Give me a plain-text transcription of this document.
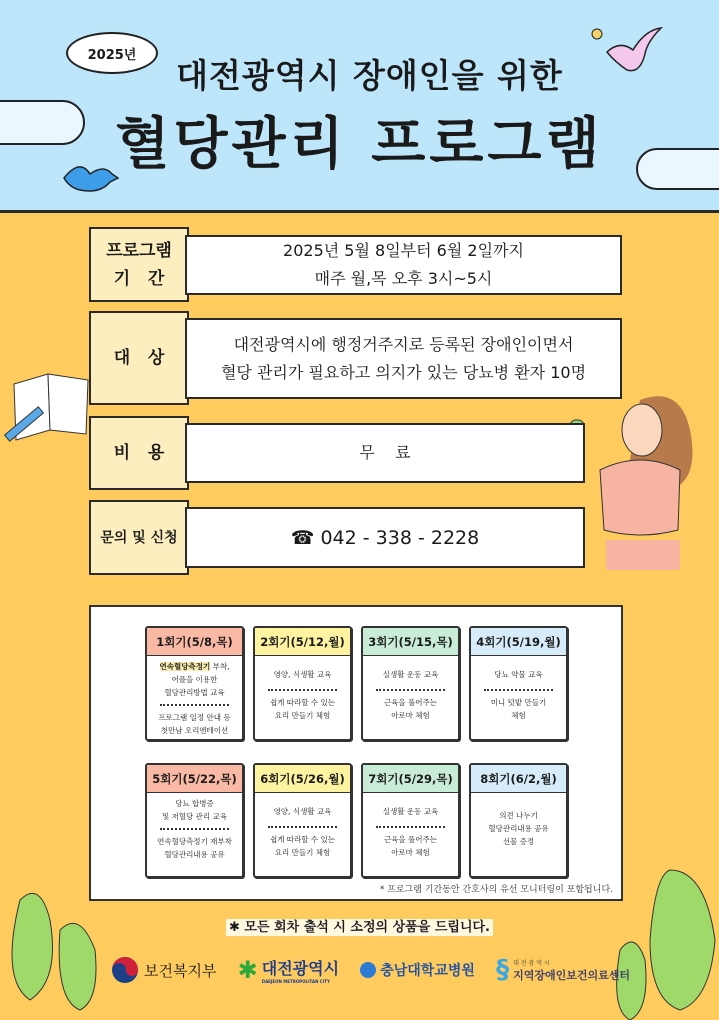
2025년
대전광역시 장애인을 위한
혈당관리 프로그램
프로그램
기   간
2025년 5월 8일부터 6월 2일까지
매주 월,목 오후 3시~5시
대   상
대전광역시에 행정거주지로 등록된 장애인이면서
혈당 관리가 필요하고 의지가 있는 당뇨병 환자 10명
비   용	무    료
문의 및 신청	☎ 042 - 338 - 2228
1회기(5/8,목)
연속혈당측정기 부착,
어플을 이용한
혈당관리방법 교육
프로그램 일정 안내 등
첫만남 오리엔테이션
2회기(5/12,월)
영양, 식생활 교육
쉽게 따라할 수 있는
요리 만들기 체험
3회기(5/15,목)
실생활 운동 교육
근육을 풀어주는
아로마 체험
4회기(5/19,월)
당뇨 약물 교육
미니 텃밭 만들기
체험
5회기(5/22,목)
당뇨 합병증
및 저혈당 관리 교육
연속혈당측정기 재부착
혈당관리내용 공유
6회기(5/26,월)
영양, 식생활 교육
쉽게 따라할 수 있는
요리 만들기 체험
7회기(5/29,목)
실생활 운동 교육
근육을 풀어주는
아로마 체험
8회기(6/2,월)
의견 나누기
혈당관리내용 공유
선물 증정
* 프로그램 기간동안 간호사의 유선 모니터링이 포함됩니다.
✱ 모든 회차 출석 시 소정의 상품을 드립니다.
보건복지부 ✱ 대전광역시
DAEJEON METROPOLITAN CITY
충남대학교병원 § 대 전 광 역 시
지역장애인보건의료센터
